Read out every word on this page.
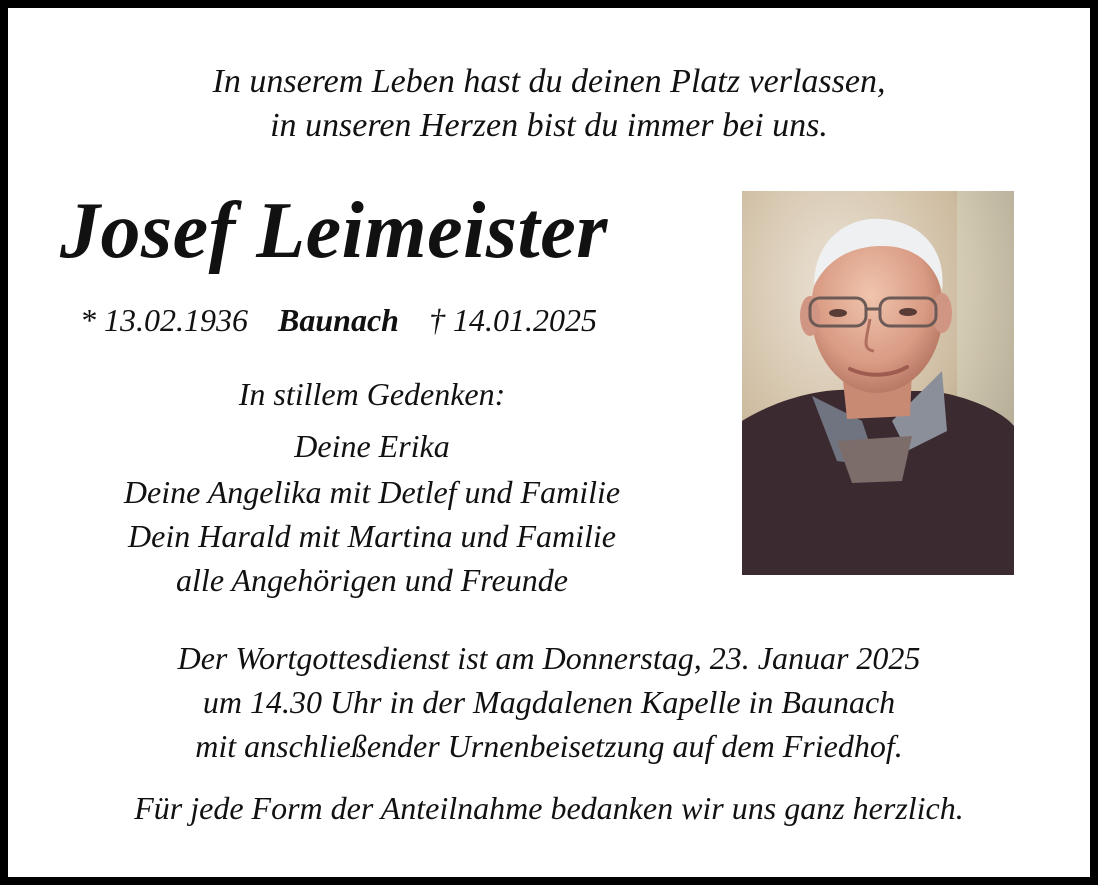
In unserem Leben hast du deinen Platz verlassen,
in unseren Herzen bist du immer bei uns.
Josef Leimeister
* 13.02.1936 Baunach † 14.01.2025
In stillem Gedenken:
Deine Erika
Deine Angelika mit Detlef und Familie
Dein Harald mit Martina und Familie
alle Angehörigen und Freunde
Der Wortgottesdienst ist am Donnerstag, 23. Januar 2025
um 14.30 Uhr in der Magdalenen Kapelle in Baunach
mit anschließender Urnenbeisetzung auf dem Friedhof.
Für jede Form der Anteilnahme bedanken wir uns ganz herzlich.
